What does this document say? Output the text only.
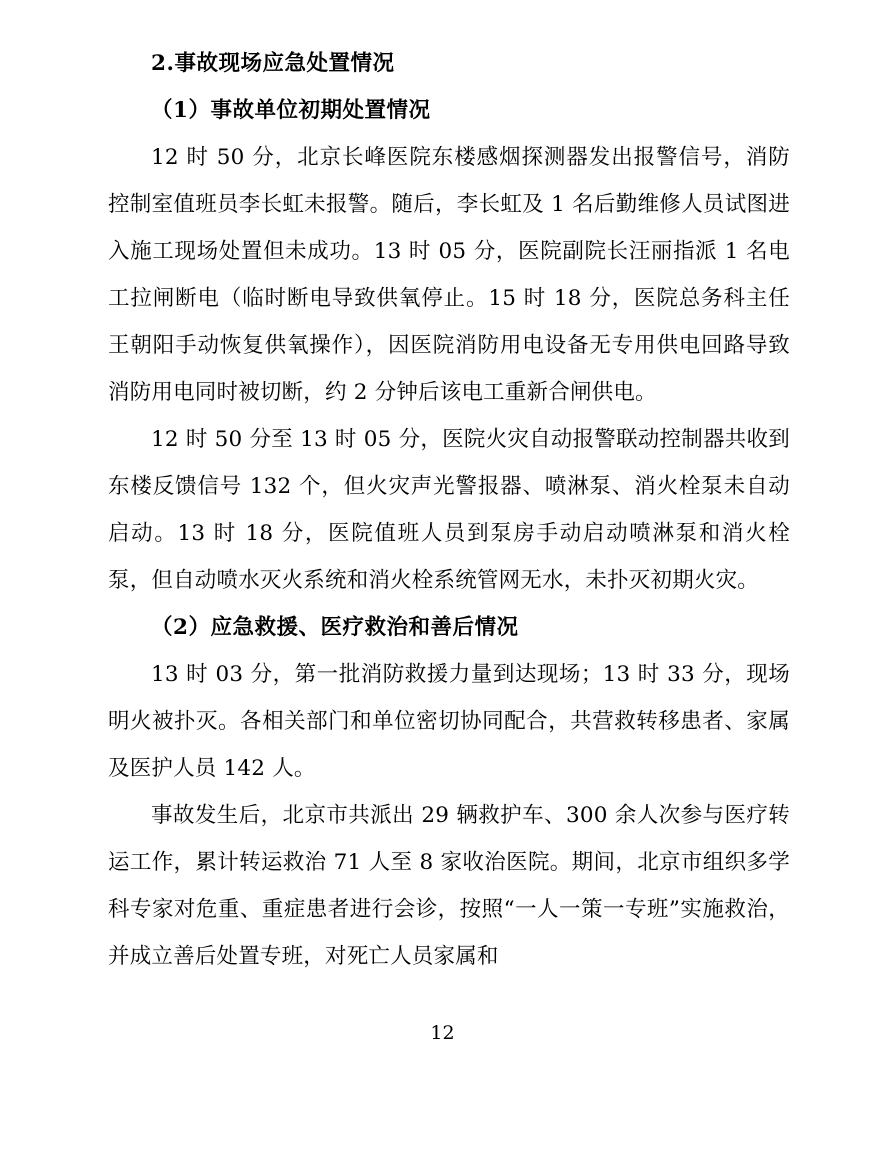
2.事故现场应急处置情况
（1）事故单位初期处置情况

12 时 50 分，北京长峰医院东楼感烟探测器发出报警信号，消防控制室值班员李长虹未报警。随后，李长虹及 1 名后勤维修人员试图进入施工现场处置但未成功。13 时 05 分，医院副院长汪丽指派 1 名电工拉闸断电（临时断电导致供氧停止。15 时 18 分，医院总务科主任王朝阳手动恢复供氧操作），因医院消防用电设备无专用供电回路导致消防用电同时被切断，约 2 分钟后该电工重新合闸供电。

12 时 50 分至 13 时 05 分，医院火灾自动报警联动控制器共收到东楼反馈信号 132 个，但火灾声光警报器、喷淋泵、消火栓泵未自动启动。13 时 18 分，医院值班人员到泵房手动启动喷淋泵和消火栓泵，但自动喷水灭火系统和消火栓系统管网无水，未扑灭初期火灾。

（2）应急救援、医疗救治和善后情况

13 时 03 分，第一批消防救援力量到达现场；13 时 33 分，现场明火被扑灭。各相关部门和单位密切协同配合，共营救转移患者、家属及医护人员 142 人。

事故发生后，北京市共派出 29 辆救护车、300 余人次参与医疗转运工作，累计转运救治 71 人至 8 家收治医院。期间，北京市组织多学科专家对危重、重症患者进行会诊，按照“一人一策一专班”实施救治，并成立善后处置专班，对死亡人员家属和

12
